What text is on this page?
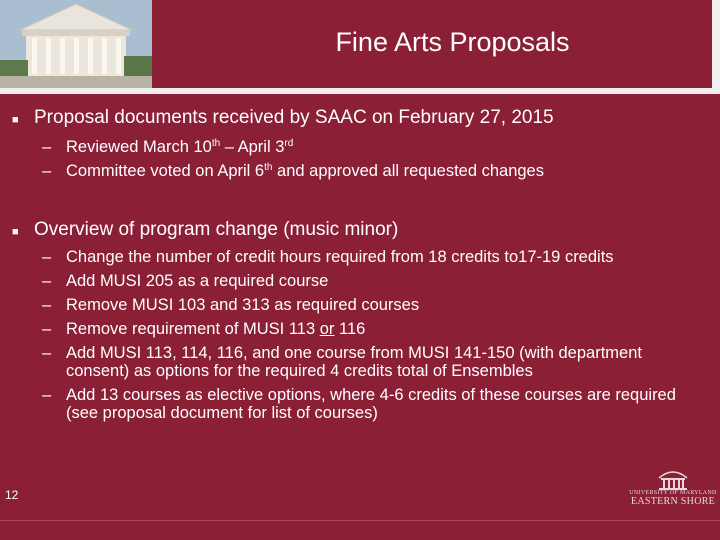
Fine Arts Proposals
■ Proposal documents received by SAAC on February 27, 2015
– Reviewed March 10th – April 3rd
– Committee voted on April 6th and approved all requested changes
■ Overview of program change (music minor)
– Change the number of credit hours required from 18 credits to17-19 credits
– Add MUSI 205 as a required course
– Remove MUSI 103 and 313 as required courses
– Remove requirement of MUSI 113 or 116
– Add MUSI 113, 114, 116, and one course from MUSI 141-150 (with department consent) as options for the required 4 credits total of Ensembles
– Add 13 courses as elective options, where 4-6 credits of these courses are required (see proposal document for list of courses)
12	UNIVERSITY OF MARYLAND
EASTERN SHORE
